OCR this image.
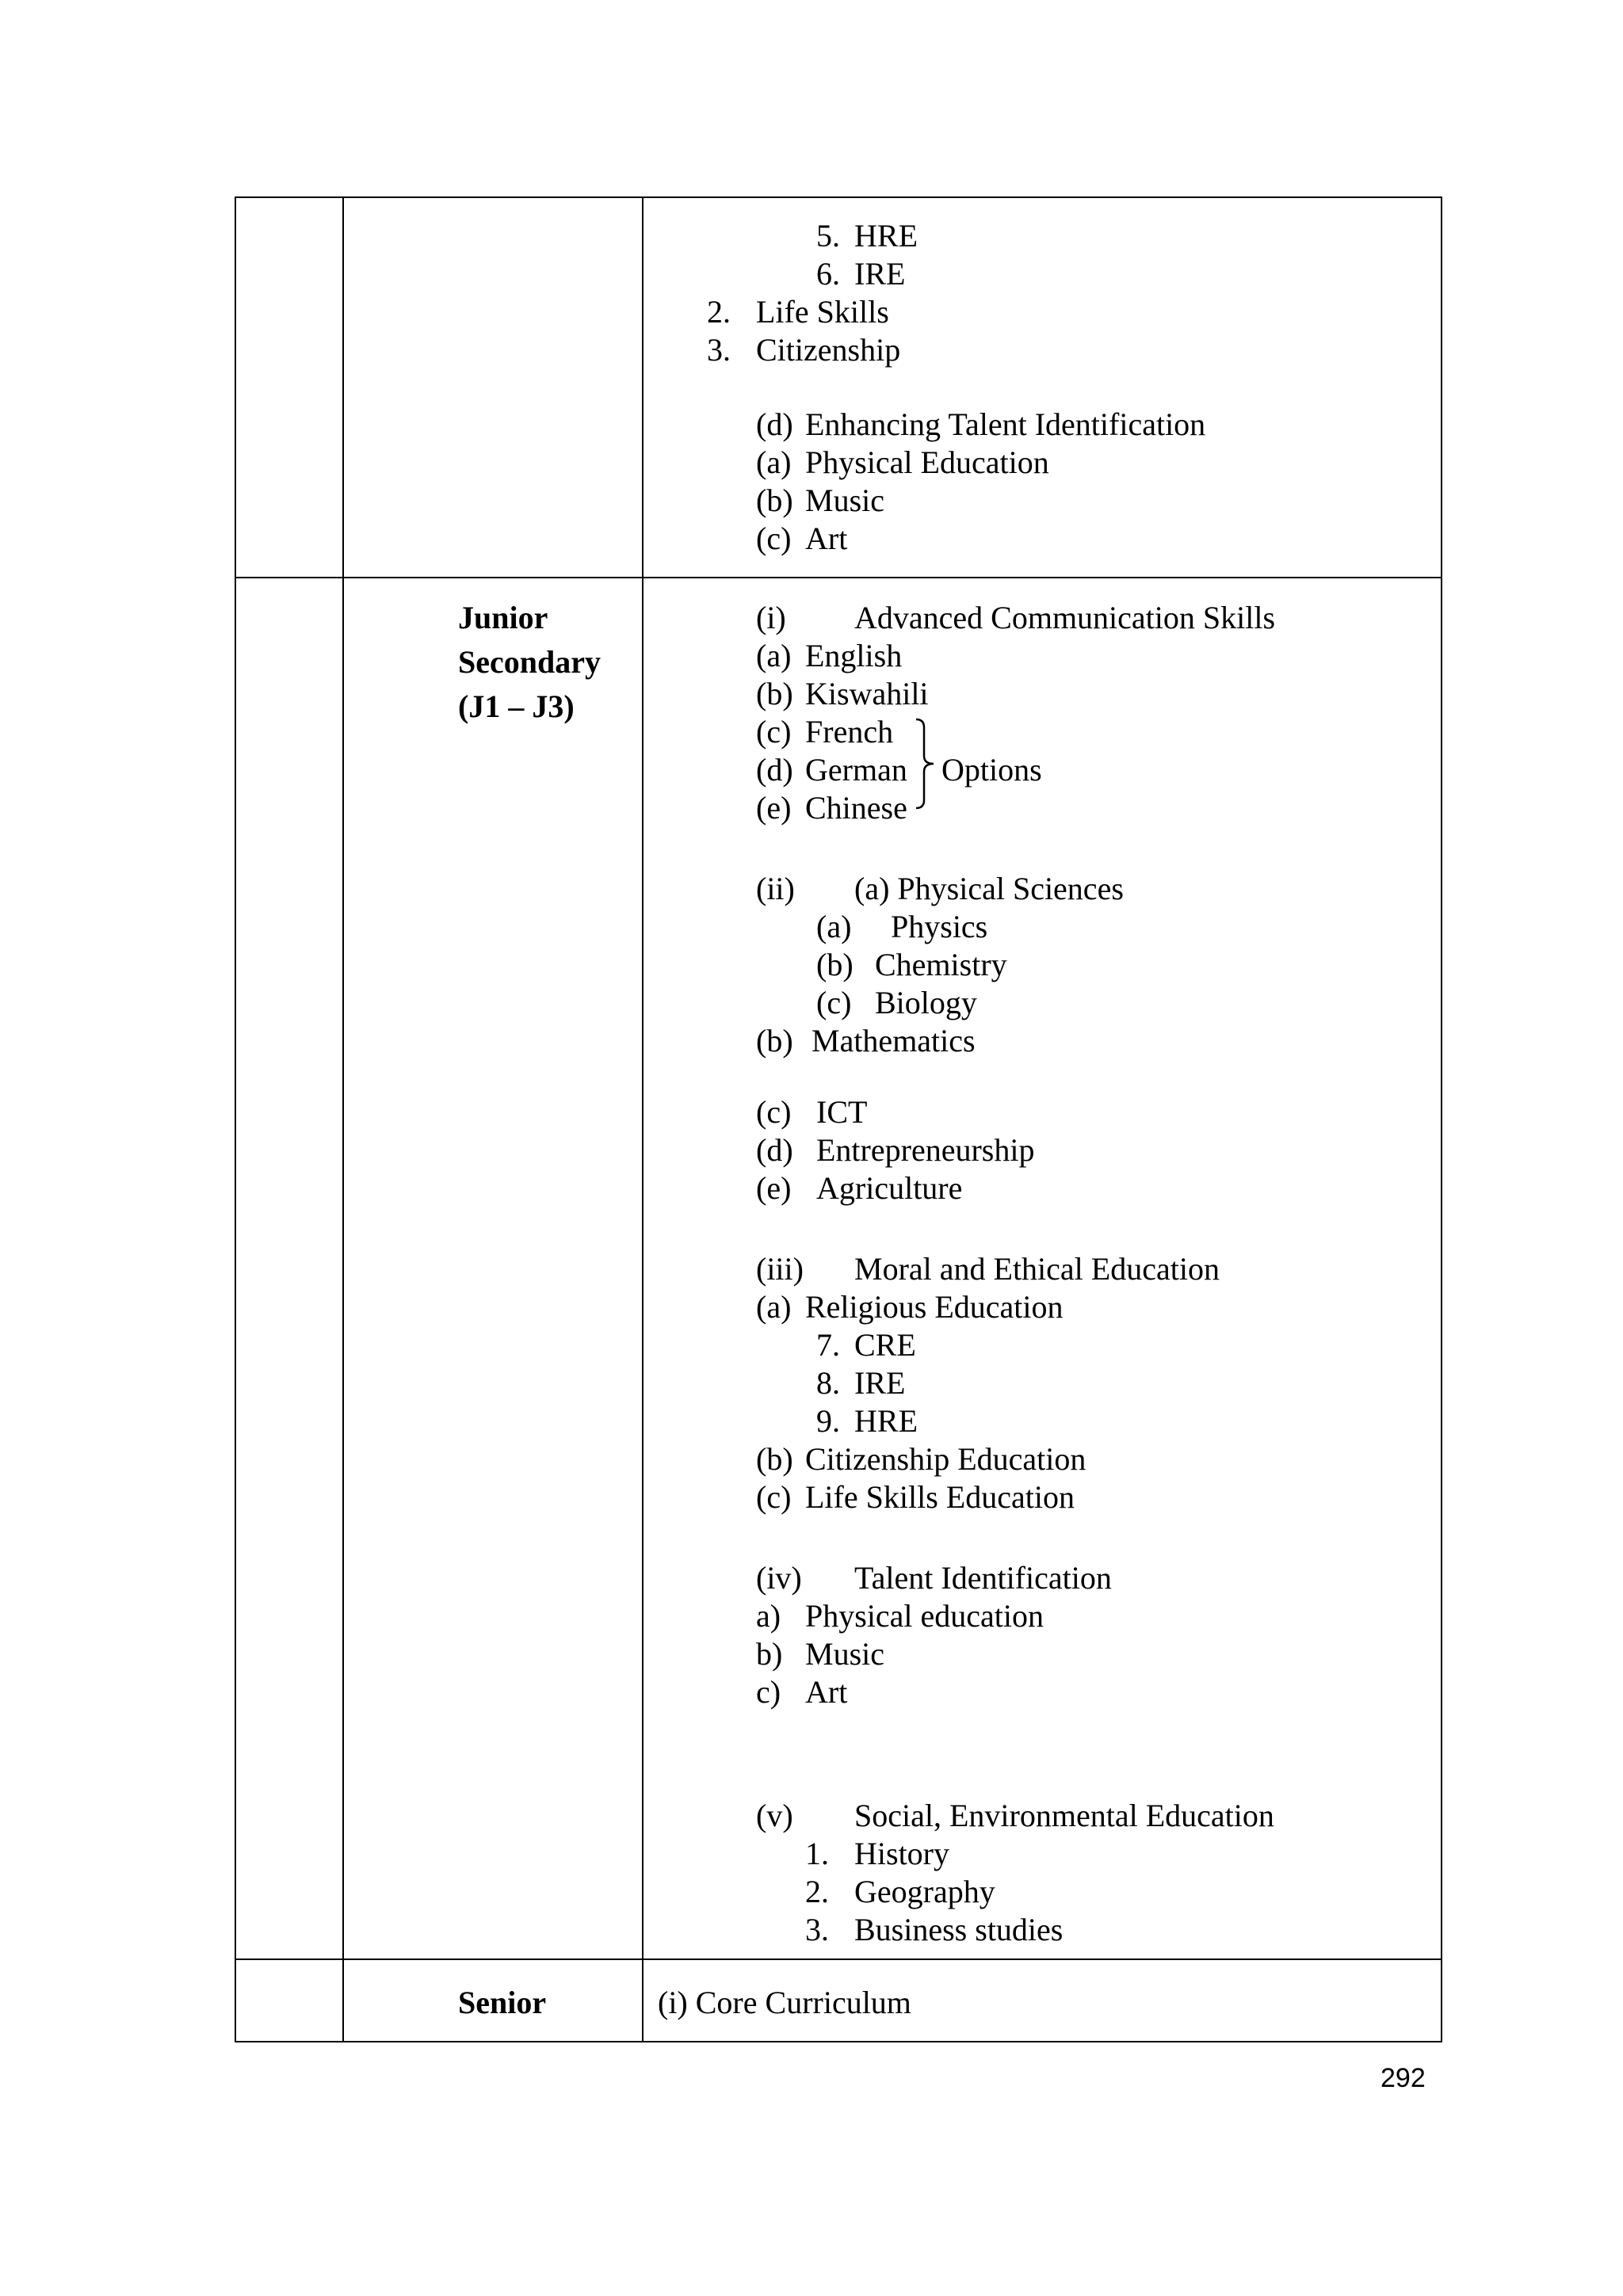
5. HRE
6. IRE
2. Life Skills
3. Citizenship
(d) Enhancing Talent Identification
(a) Physical Education
(b) Music
(c) Art
Junior
Secondary
(J1 – J3)
(i) Advanced Communication Skills
(a) English
(b) Kiswahili
(c) French
(d) German
(e) Chinese
Options
(ii) (a) Physical Sciences
(a) Physics
(b) Chemistry
(c) Biology
(b) Mathematics
(c) ICT
(d) Entrepreneurship
(e) Agriculture
(iii) Moral and Ethical Education
(a) Religious Education
7. CRE
8. IRE
9. HRE
(b) Citizenship Education
(c) Life Skills Education
(iv) Talent Identification
a) Physical education
b) Music
c) Art
(v) Social, Environmental Education
1. History
2. Geography
3. Business studies
Senior	(i) Core Curriculum
292
